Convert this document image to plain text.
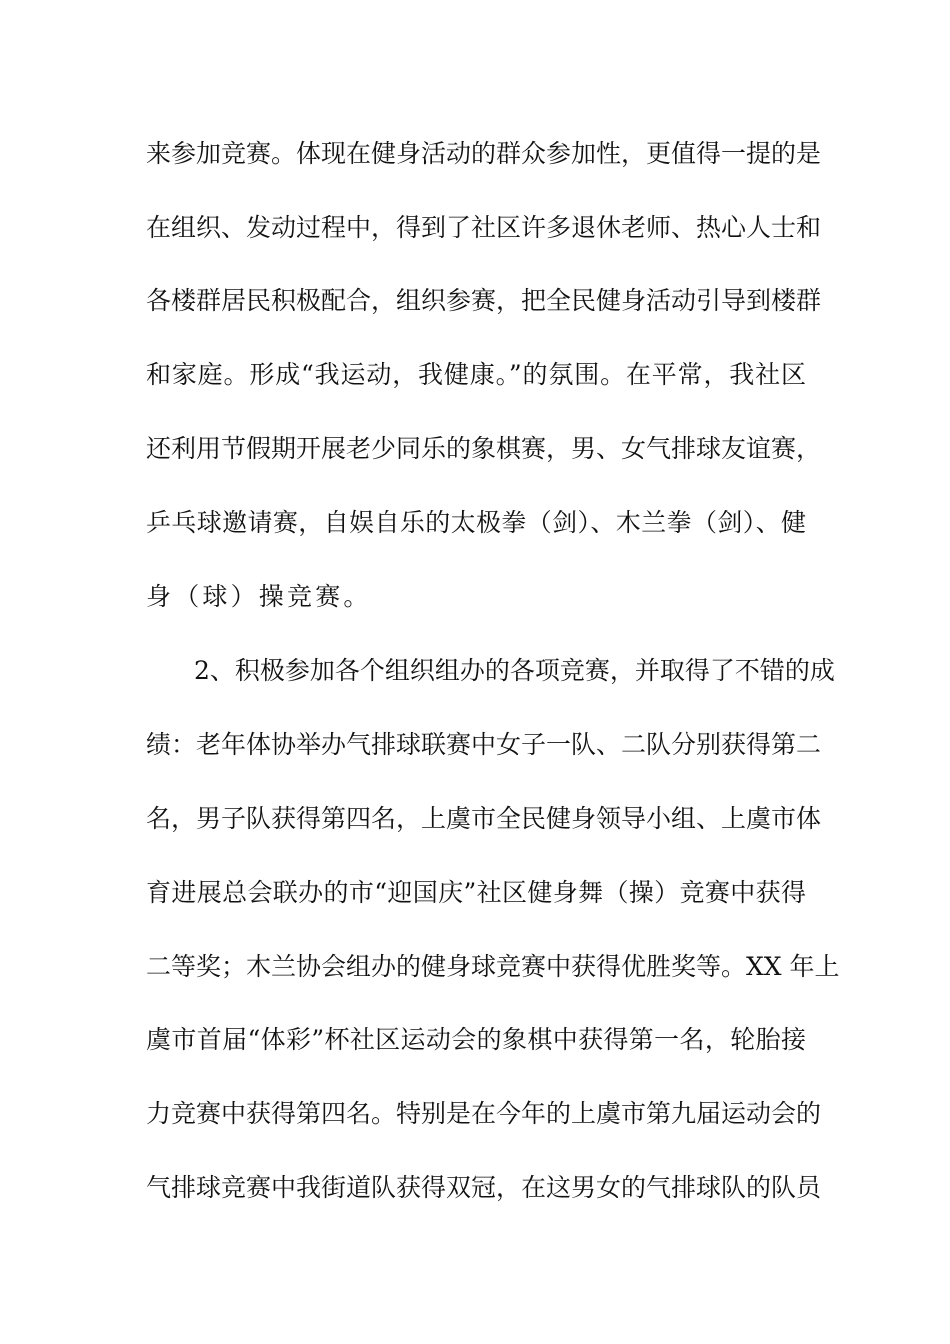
来参加竞赛。体现在健身活动的群众参加性，更值得一提的是
在组织、发动过程中，得到了社区许多退休老师、热心人士和
各楼群居民积极配合，组织参赛，把全民健身活动引导到楼群
和家庭。形成“我运动，我健康。”的氛围。在平常，我社区
还利用节假期开展老少同乐的象棋赛，男、女气排球友谊赛，
乒乓球邀请赛，自娱自乐的太极拳（剑）、木兰拳（剑）、健
身（球）操竞赛。
2、积极参加各个组织组办的各项竞赛，并取得了不错的成
绩：老年体协举办气排球联赛中女子一队、二队分别获得第二
名，男子队获得第四名，上虞市全民健身领导小组、上虞市体
育进展总会联办的市“迎国庆”社区健身舞（操）竞赛中获得
二等奖；木兰协会组办的健身球竞赛中获得优胜奖等。XX 年上
虞市首届“体彩”杯社区运动会的象棋中获得第一名，轮胎接
力竞赛中获得第四名。特别是在今年的上虞市第九届运动会的
气排球竞赛中我街道队获得双冠，在这男女的气排球队的队员
